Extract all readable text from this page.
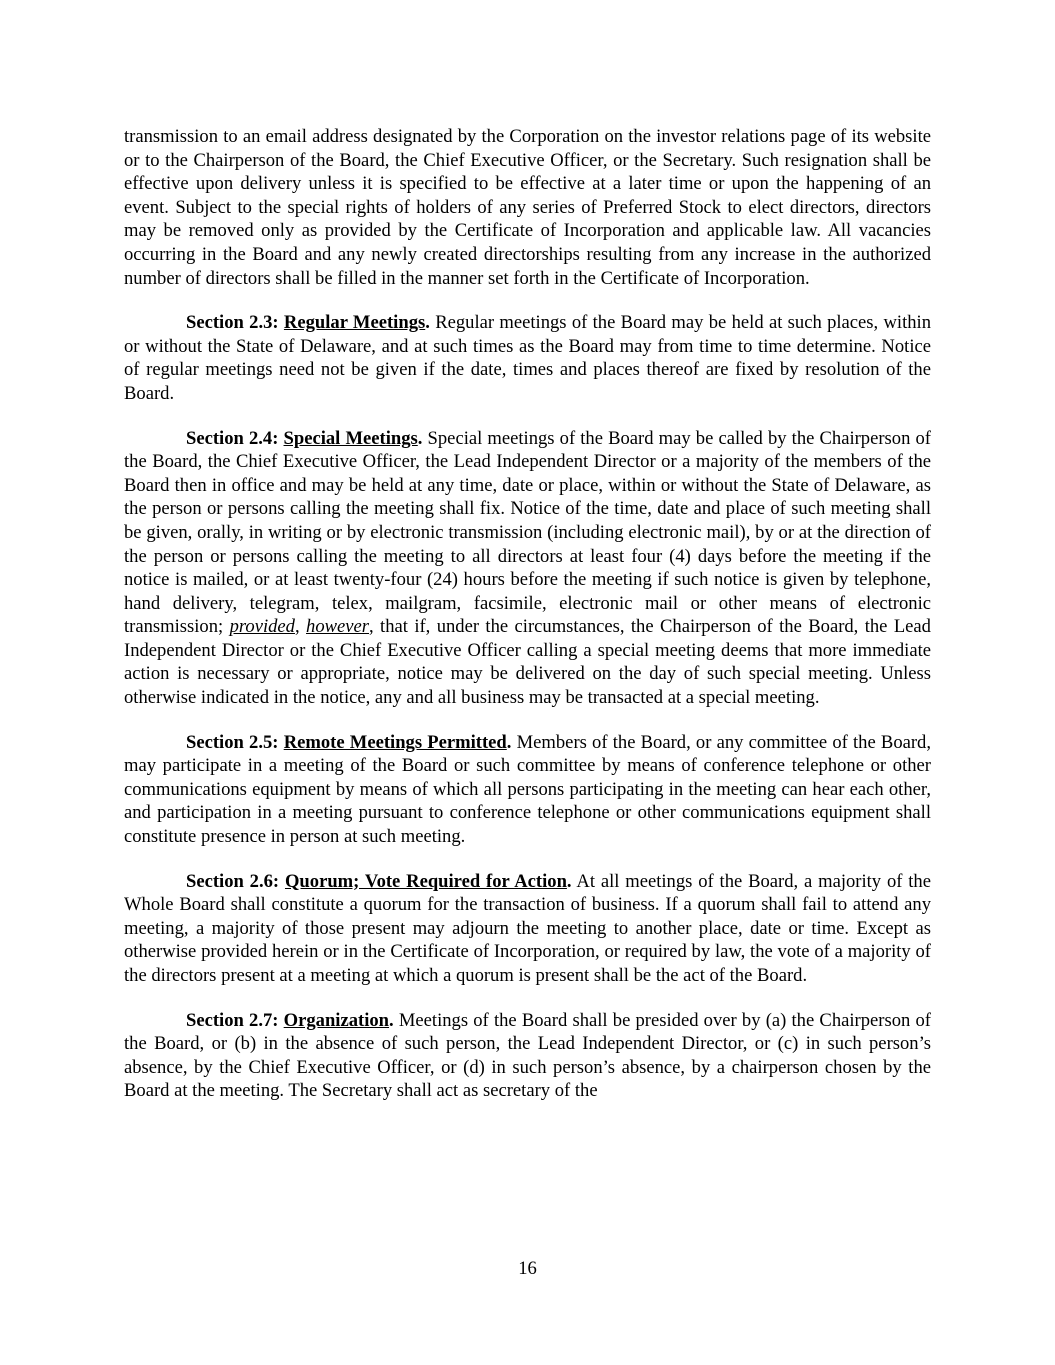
transmission to an email address designated by the Corporation on the investor relations page of its website or to the Chairperson of the Board, the Chief Executive Officer, or the Secretary. Such resignation shall be effective upon delivery unless it is specified to be effective at a later time or upon the happening of an event. Subject to the special rights of holders of any series of Preferred Stock to elect directors, directors may be removed only as provided by the Certificate of Incorporation and applicable law. All vacancies occurring in the Board and any newly created directorships resulting from any increase in the authorized number of directors shall be filled in the manner set forth in the Certificate of Incorporation.

Section 2.3: Regular Meetings. Regular meetings of the Board may be held at such places, within or without the State of Delaware, and at such times as the Board may from time to time determine. Notice of regular meetings need not be given if the date, times and places thereof are fixed by resolution of the Board.

Section 2.4: Special Meetings. Special meetings of the Board may be called by the Chairperson of the Board, the Chief Executive Officer, the Lead Independent Director or a majority of the members of the Board then in office and may be held at any time, date or place, within or without the State of Delaware, as the person or persons calling the meeting shall fix. Notice of the time, date and place of such meeting shall be given, orally, in writing or by electronic transmission (including electronic mail), by or at the direction of the person or persons calling the meeting to all directors at least four (4) days before the meeting if the notice is mailed, or at least twenty-four (24) hours before the meeting if such notice is given by telephone, hand delivery, telegram, telex, mailgram, facsimile, electronic mail or other means of electronic transmission; provided, however, that if, under the circumstances, the Chairperson of the Board, the Lead Independent Director or the Chief Executive Officer calling a special meeting deems that more immediate action is necessary or appropriate, notice may be delivered on the day of such special meeting. Unless otherwise indicated in the notice, any and all business may be transacted at a special meeting.

Section 2.5: Remote Meetings Permitted. Members of the Board, or any committee of the Board, may participate in a meeting of the Board or such committee by means of conference telephone or other communications equipment by means of which all persons participating in the meeting can hear each other, and participation in a meeting pursuant to conference telephone or other communications equipment shall constitute presence in person at such meeting.

Section 2.6: Quorum; Vote Required for Action. At all meetings of the Board, a majority of the Whole Board shall constitute a quorum for the transaction of business. If a quorum shall fail to attend any meeting, a majority of those present may adjourn the meeting to another place, date or time. Except as otherwise provided herein or in the Certificate of Incorporation, or required by law, the vote of a majority of the directors present at a meeting at which a quorum is present shall be the act of the Board.

Section 2.7: Organization. Meetings of the Board shall be presided over by (a) the Chairperson of the Board, or (b) in the absence of such person, the Lead Independent Director, or (c) in such person’s absence, by the Chief Executive Officer, or (d) in such person’s absence, by a chairperson chosen by the Board at the meeting. The Secretary shall act as secretary of the

16
